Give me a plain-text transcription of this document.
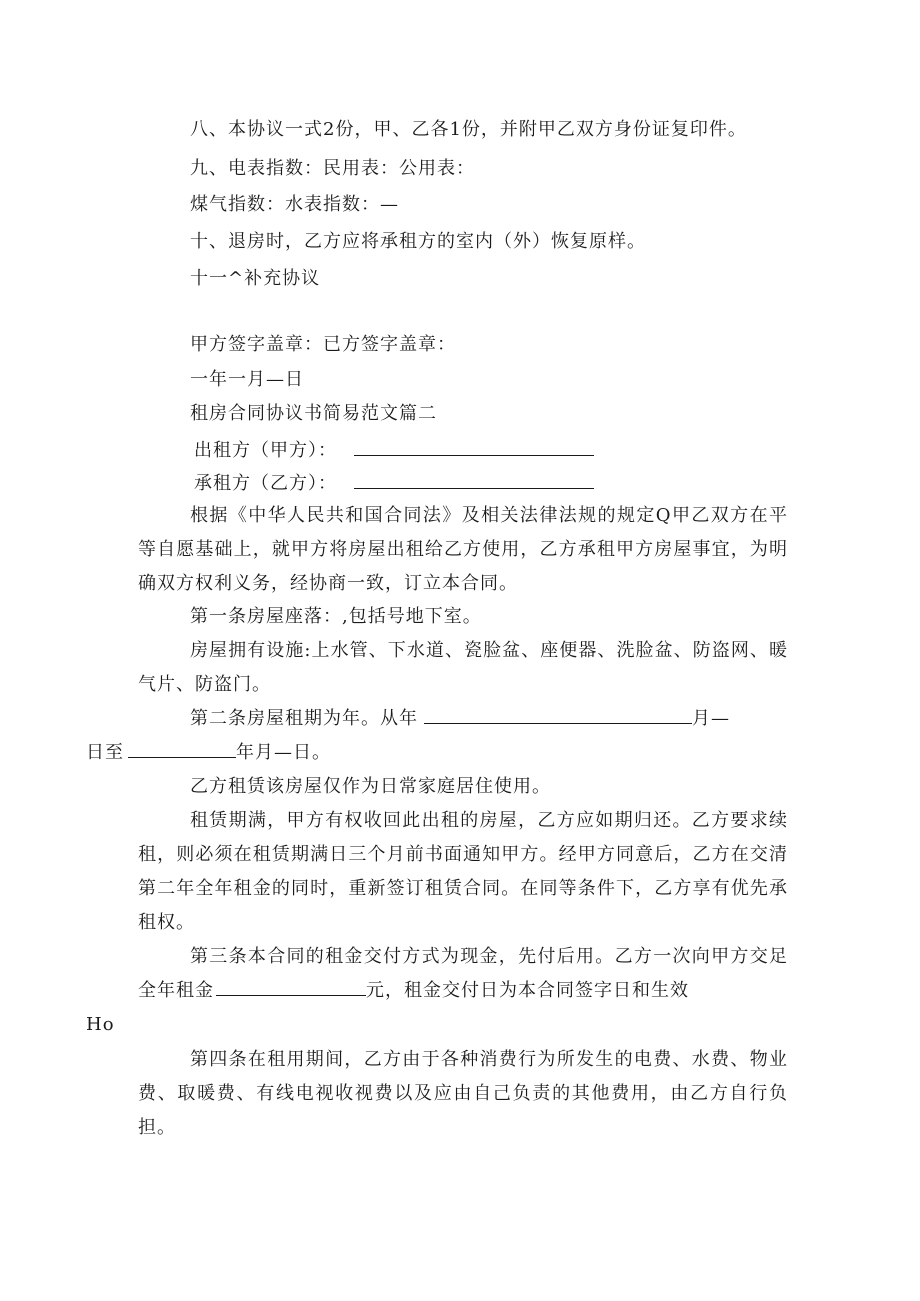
八、本协议一式2份，甲、乙各1份，并附甲乙双方身份证复印件。
九、电表指数：民用表：公用表：
煤气指数：水表指数：—
十、退房时，乙方应将承租方的室内（外）恢复原样。
十一^补充协议
甲方签字盖章：已方签字盖章：
一年一月—日
租房合同协议书简易范文篇二
出租方（甲方）：
承租方（乙方）：
根据《中华人民共和国合同法》及相关法律法规的规定Q甲乙双方在平等自愿基础上，就甲方将房屋出租给乙方使用，乙方承租甲方房屋事宜，为明确双方权利义务，经协商一致，订立本合同。
第一条房屋座落：,包括号地下室。
房屋拥有设施:上水管、下水道、瓷脸盆、座便器、洗脸盆、防盗网、暖气片、防盗门。
第二条房屋租期为年。从年	月—
日至	年月—日。
乙方租赁该房屋仅作为日常家庭居住使用。
租赁期满，甲方有权收回此出租的房屋，乙方应如期归还。乙方要求续租，则必须在租赁期满日三个月前书面通知甲方。经甲方同意后，乙方在交清第二年全年租金的同时，重新签订租赁合同。在同等条件下，乙方享有优先承租权。
第三条本合同的租金交付方式为现金，先付后用。乙方一次向甲方交足全年租金	元，租金交付日为本合同签字日和生效
Ho
第四条在租用期间，乙方由于各种消费行为所发生的电费、水费、物业费、取暖费、有线电视收视费以及应由自己负责的其他费用，由乙方自行负担。
